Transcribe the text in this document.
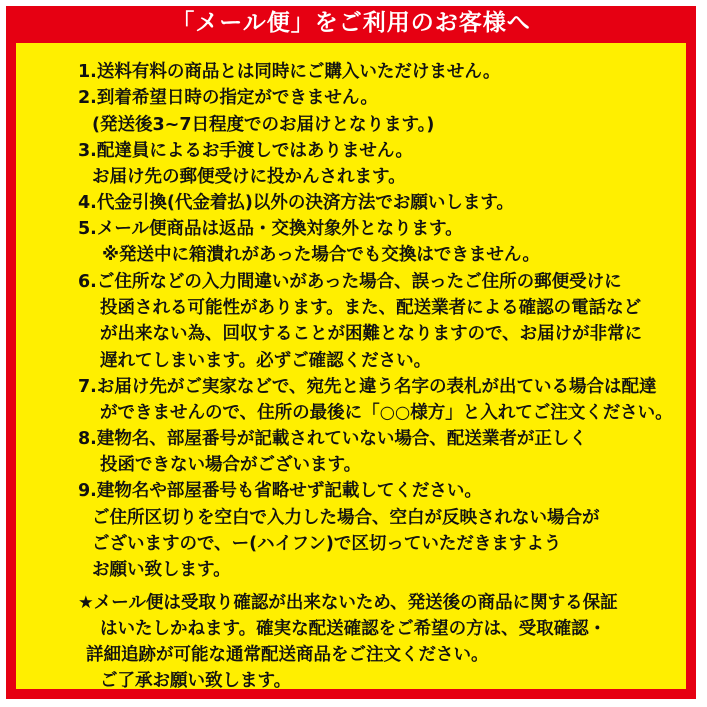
「メール便」をご利用のお客様へ
1.送料有料の商品とは同時にご購入いただけません。
2.到着希望日時の指定ができません。
(発送後3~7日程度でのお届けとなります。)
3.配達員によるお手渡しではありません。
お届け先の郵便受けに投かんされます。
4.代金引換(代金着払)以外の決済方法でお願いします。
5.メール便商品は返品・交換対象外となります。
※発送中に箱潰れがあった場合でも交換はできません。
6.ご住所などの入力間違いがあった場合、誤ったご住所の郵便受けに
投函される可能性があります。また、配送業者による確認の電話など
が出来ない為、回収することが困難となりますので、お届けが非常に
遅れてしまいます。必ずご確認ください。
7.お届け先がご実家などで、宛先と違う名字の表札が出ている場合は配達
ができませんので、住所の最後に「○○様方」と入れてご注文ください。
8.建物名、部屋番号が記載されていない場合、配送業者が正しく
投函できない場合がございます。
9.建物名や部屋番号も省略せず記載してください。
ご住所区切りを空白で入力した場合、空白が反映されない場合が
ございますので、ー(ハイフン)で区切っていただきますよう
お願い致します。
★メール便は受取り確認が出来ないため、発送後の商品に関する保証
はいたしかねます。確実な配送確認をご希望の方は、受取確認・
詳細追跡が可能な通常配送商品をご注文ください。
ご了承お願い致します。
